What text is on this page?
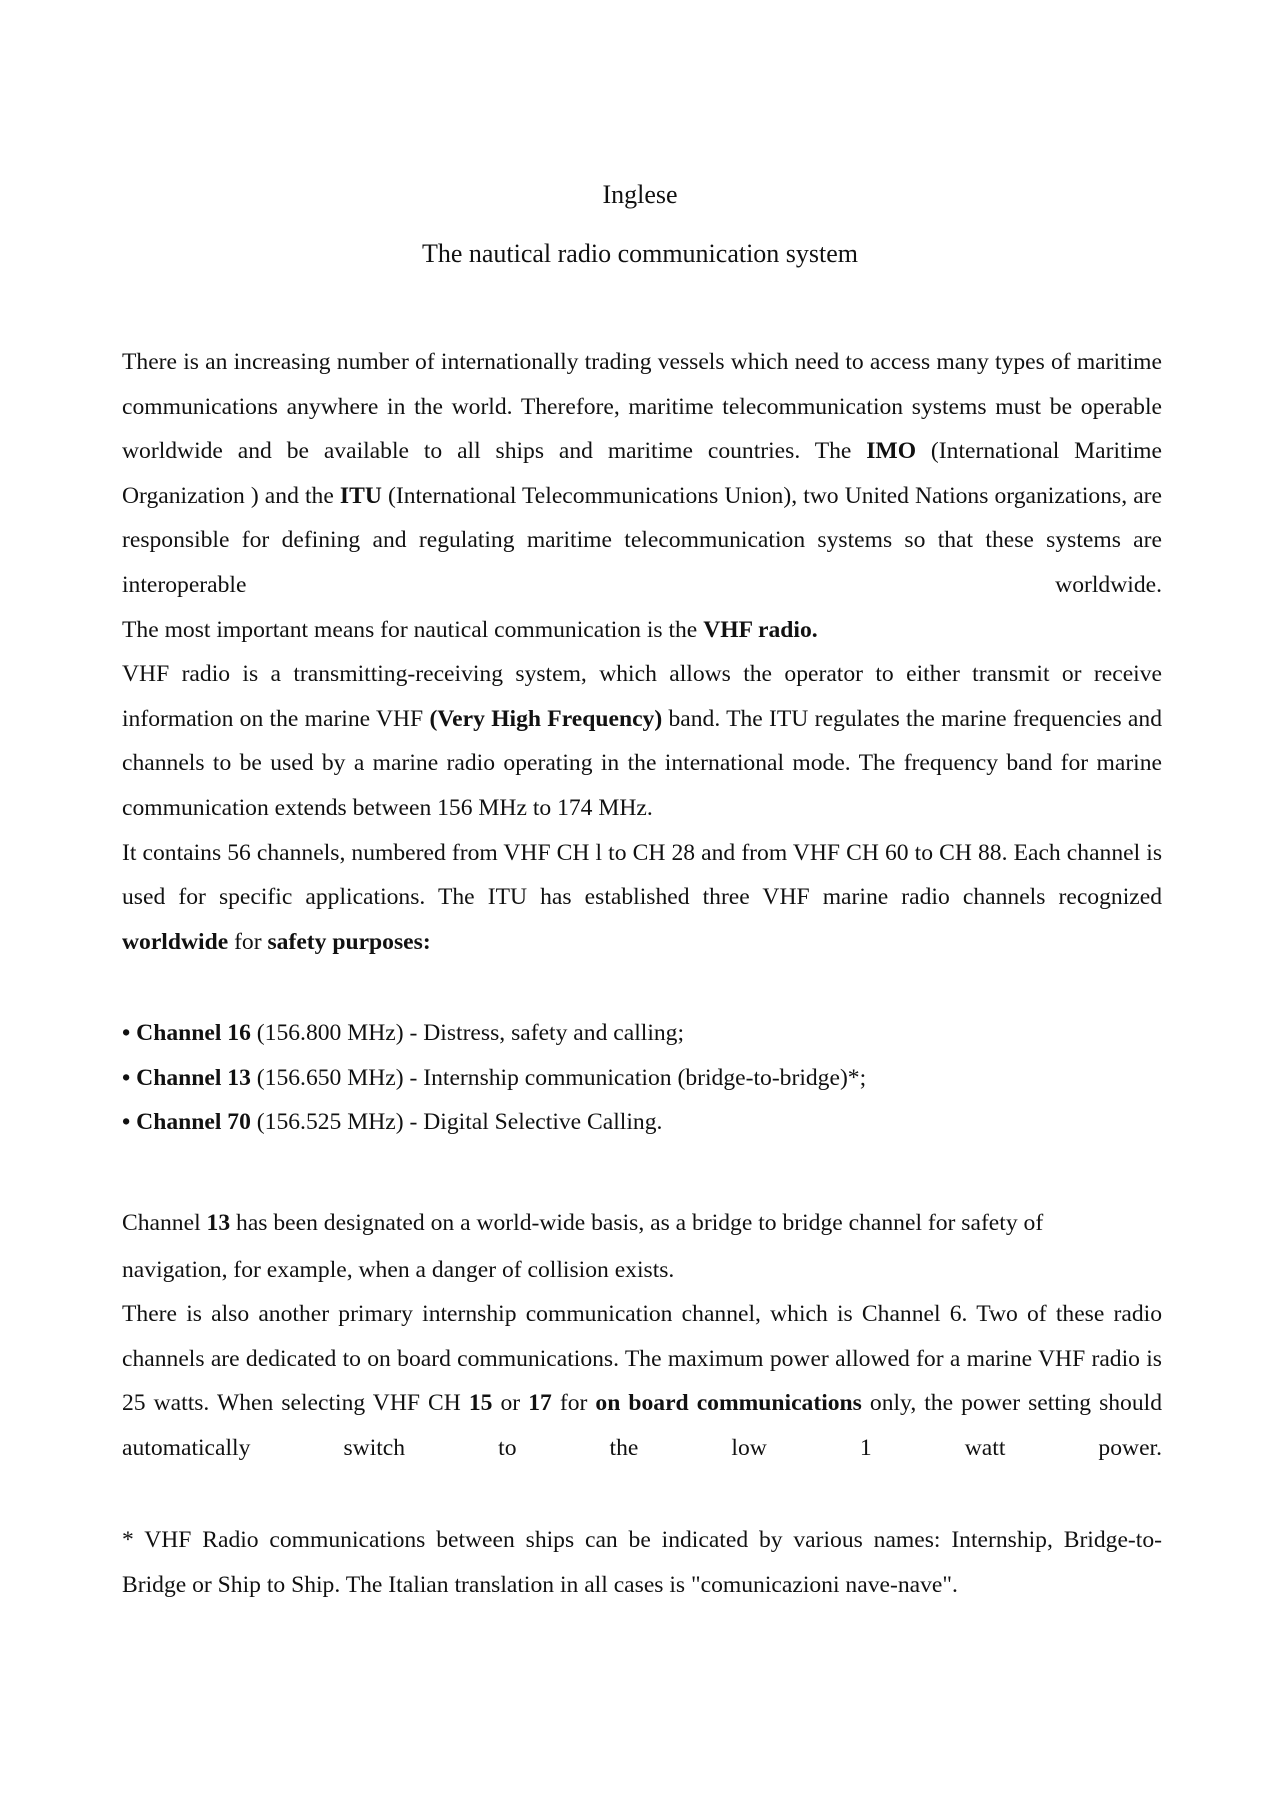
Inglese
The nautical radio communication system

There is an increasing number of internationally trading vessels which need to access many types of maritime communications anywhere in the world. Therefore, maritime telecommunication systems must be operable worldwide and be available to all ships and maritime countries. The IMO (International Maritime Organization ) and the ITU (International Telecommunications Union), two United Nations organizations, are responsible for defining and regulating maritime telecommunication systems so that these systems are interoperable worldwide.

The most important means for nautical communication is the VHF radio.

VHF radio is a transmitting-receiving system, which allows the operator to either transmit or receive information on the marine VHF (Very High Frequency) band. The ITU regulates the marine frequencies and channels to be used by a marine radio operating in the international mode. The frequency band for marine communication extends between 156 MHz to 174 MHz.

It contains 56 channels, numbered from VHF CH l to CH 28 and from VHF CH 60 to CH 88. Each channel is used for specific applications. The ITU has established three VHF marine radio channels recognized worldwide for safety purposes:

• Channel 16 (156.800 MHz) - Distress, safety and calling;

• Channel 13 (156.650 MHz) - Internship communication (bridge-to-bridge)*;

• Channel 70 (156.525 MHz) - Digital Selective Calling.

Channel 13 has been designated on a world-wide basis, as a bridge to bridge channel for safety of

navigation, for example, when a danger of collision exists.

There is also another primary internship communication channel, which is Channel 6. Two of these radio channels are dedicated to on board communications. The maximum power allowed for a marine VHF radio is 25 watts. When selecting VHF CH 15 or 17 for on board communications only, the power setting should automatically switch to the low 1 watt power.

* VHF Radio communications between ships can be indicated by various names: Internship, Bridge-to-Bridge or Ship to Ship. The Italian translation in all cases is "comunicazioni nave-nave".
